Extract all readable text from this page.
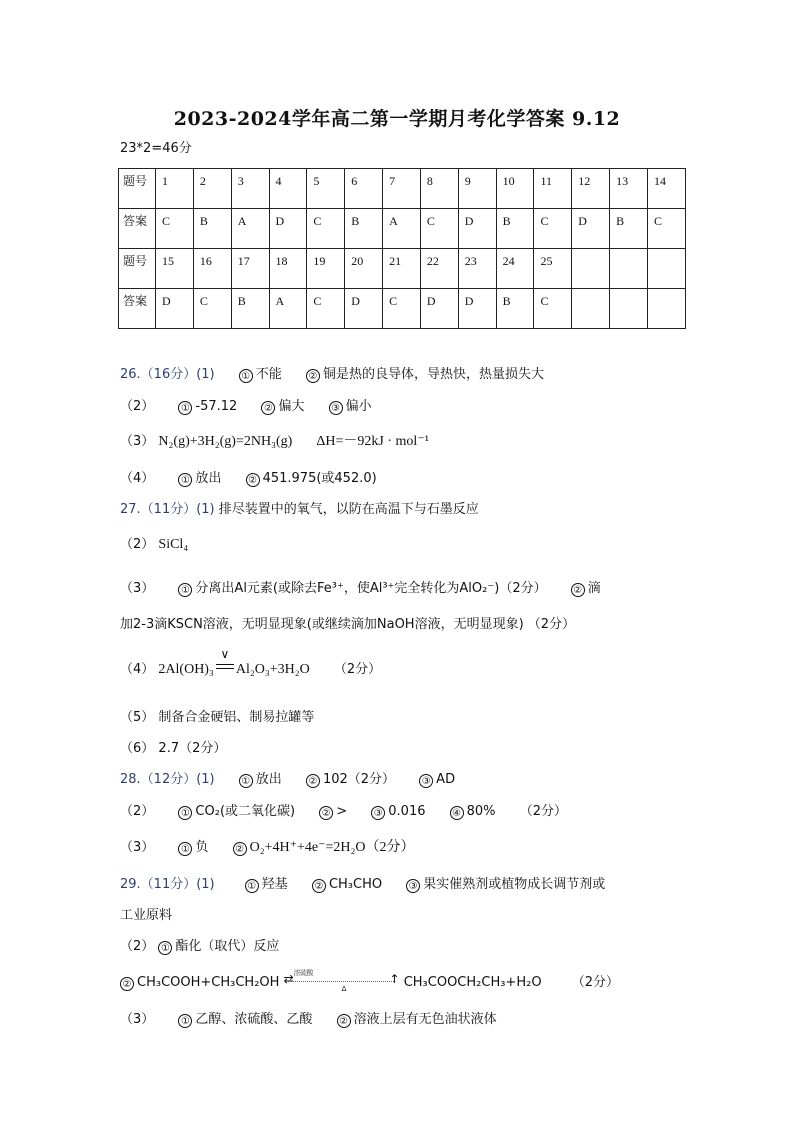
2023-2024学年高二第一学期月考化学答案 9.12
23*2=46分
题号	1	2	3	4	5	6	7	8	9	10	11	12	13	14
答案	C	B	A	D	C	B	A	C	D	B	C	D	B	C
题号	15	16	17	18	19	20	21	22	23	24	25			
答案	D	C	B	A	C	D	C	D	D	B	C			
26.（16分）(1)	① 不能	② 铜是热的良导体，导热快，热量损失大
（2）	① -57.12	② 偏大	③ 偏小
（3） N₂(g)+3H₂(g)=2NH₃(g) ΔH=－92kJ · mol⁻¹
（4）	① 放出	② 451.975(或452.0)
27.（11分）(1) 排尽装置中的氧气，以防在高温下与石墨反应
（2） SiCl₄
（3）	① 分离出Al元素(或除去Fe³⁺，使Al³⁺完全转化为AlO₂⁻)（2分）	② 滴
加2-3滴KSCN溶液，无明显现象(或继续滴加NaOH溶液，无明显现象) （2分）
（4） 2Al(OH)₃
∨
Al₂O₃+3H₂O （2分）
（5） 制备合金硬铝、制易拉罐等
（6） 2.7（2分）
28.（12分）(1)	① 放出	② 102（2分）	③ AD
（2）	① CO₂(或二氧化碳)	② >	③ 0.016	④ 80% （2分）
（3）	① 负	② O₂+4H⁺+4e⁻=2H₂O（2分）
29.（11分）(1)	① 羟基	② CH₃CHO	③ 果实催熟剂或植物成长调节剂或
工业原料
（2） ① 酯化（取代）反应
② CH₃COOH+CH₃CH₂OH ⇄ 浓硫酸	↑
Δ	CH₃COOCH₂CH₃+H₂O （2分）
（3）	① 乙醇、浓硫酸、乙酸	② 溶液上层有无色油状液体
